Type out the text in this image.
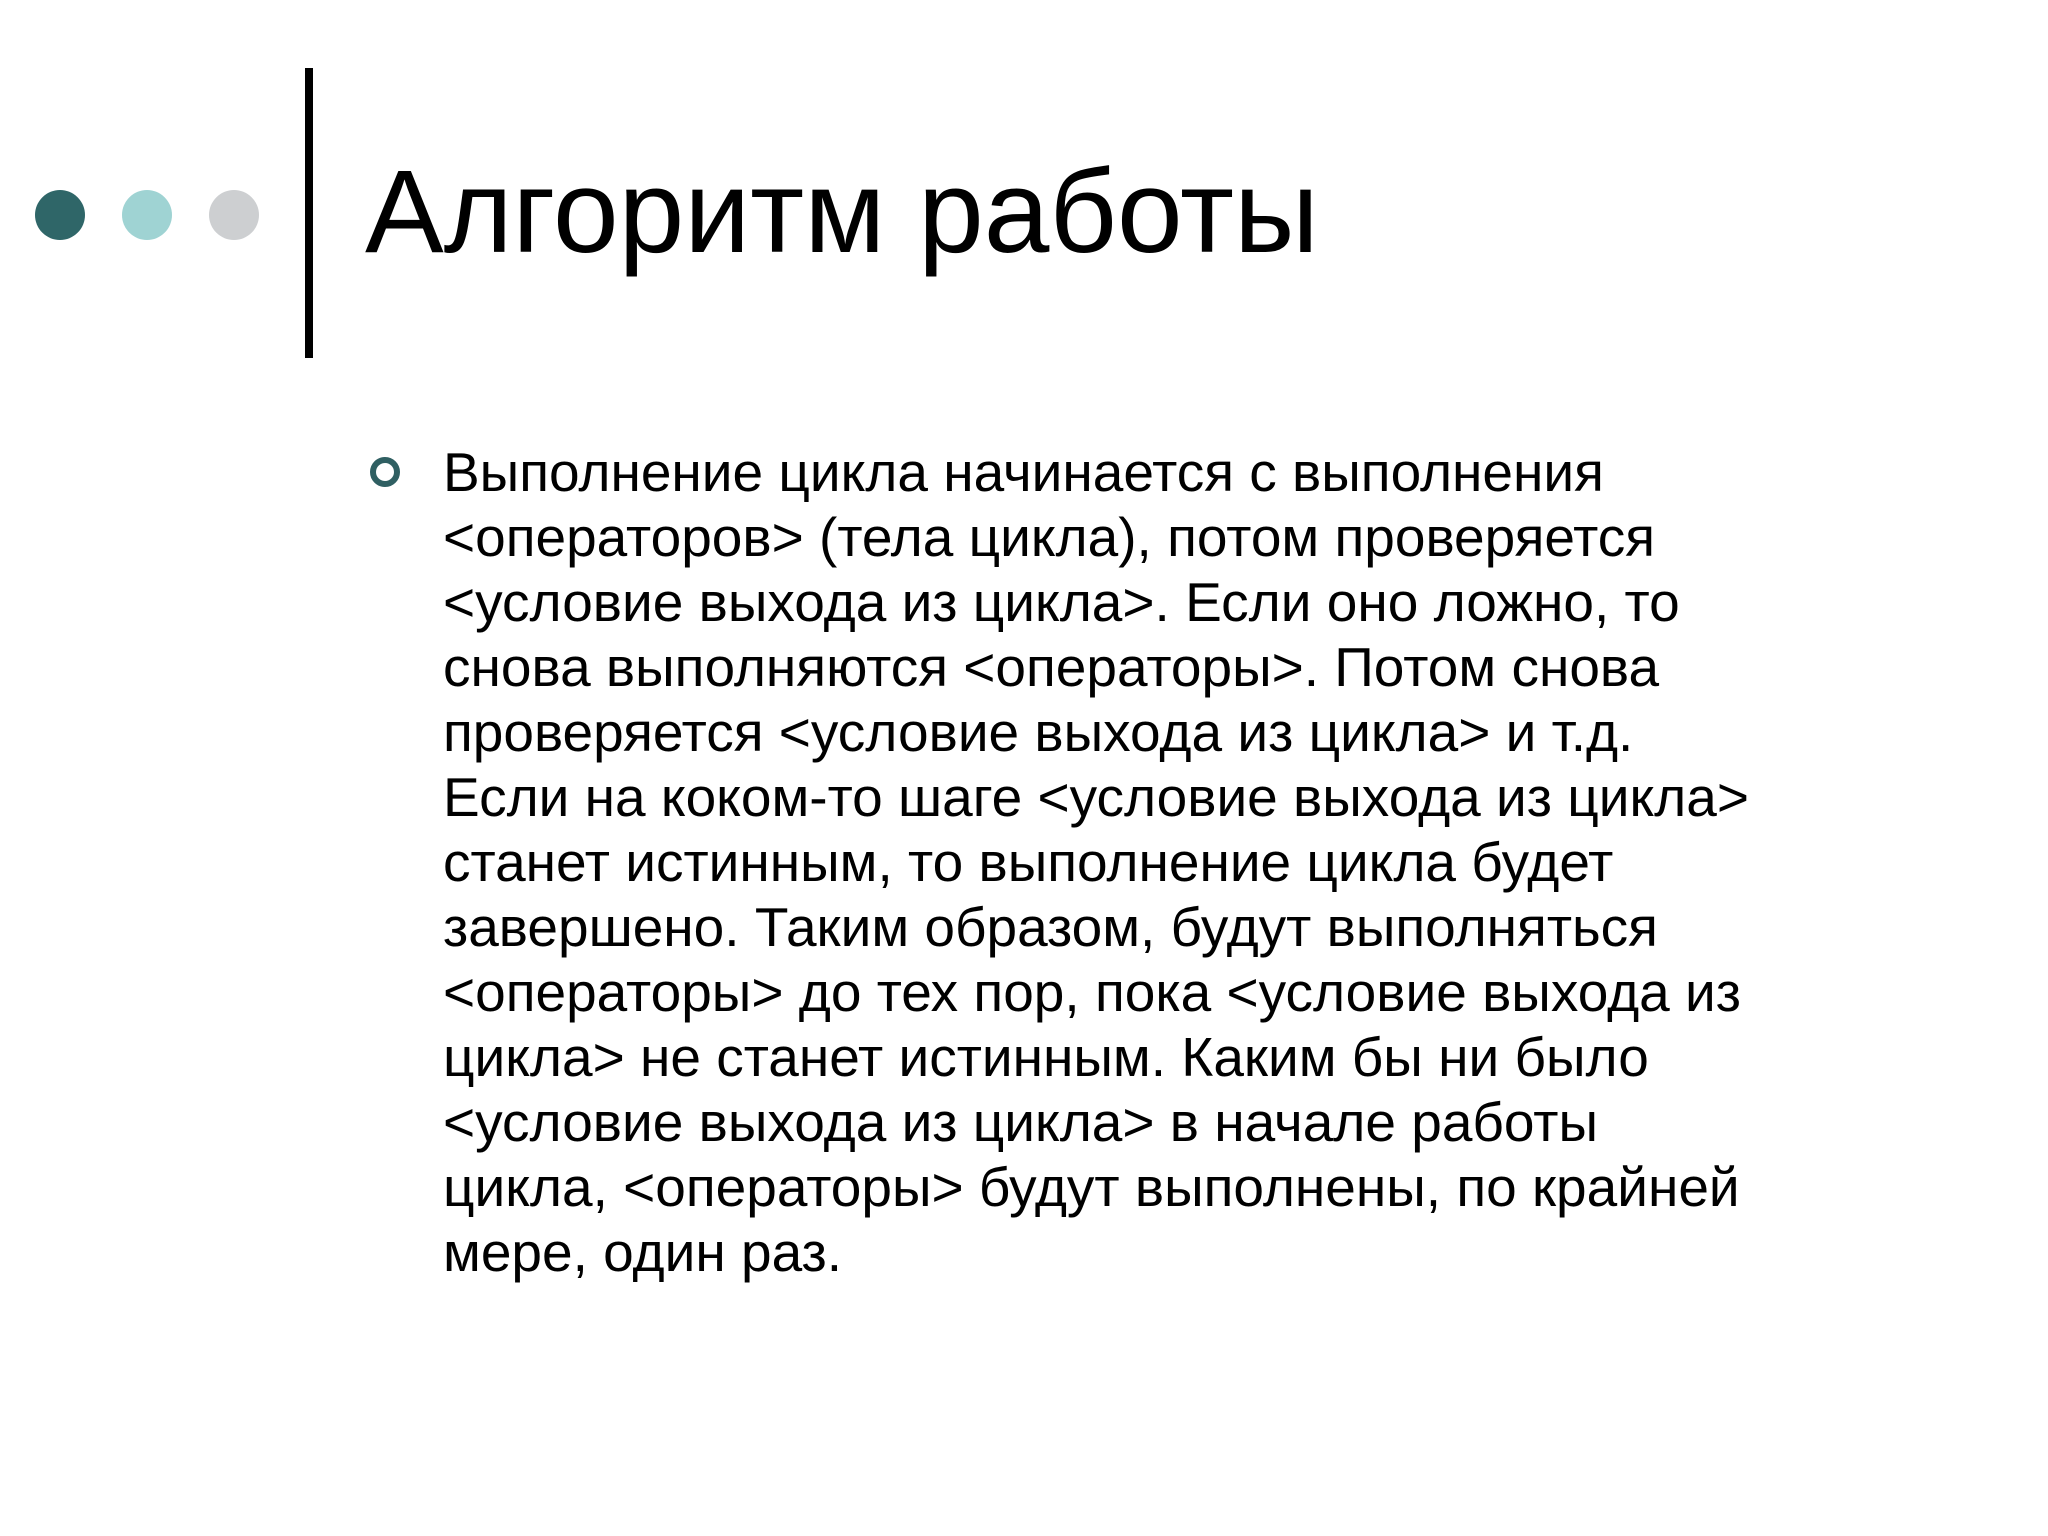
Алгоритм работы

Выполнение цикла начинается с выполнения
<операторов> (тела цикла), потом проверяется
<условие выхода из цикла>. Если оно ложно, то
снова выполняются <операторы>. Потом снова
проверяется <условие выхода из цикла> и т.д.
Если на коком-то шаге <условие выхода из цикла>
станет истинным, то выполнение цикла будет
завершено. Таким образом, будут выполняться
<операторы> до тех пор, пока <условие выхода из
цикла> не станет истинным. Каким бы ни было
<условие выхода из цикла> в начале работы
цикла, <операторы> будут выполнены, по крайней
мере, один раз.
